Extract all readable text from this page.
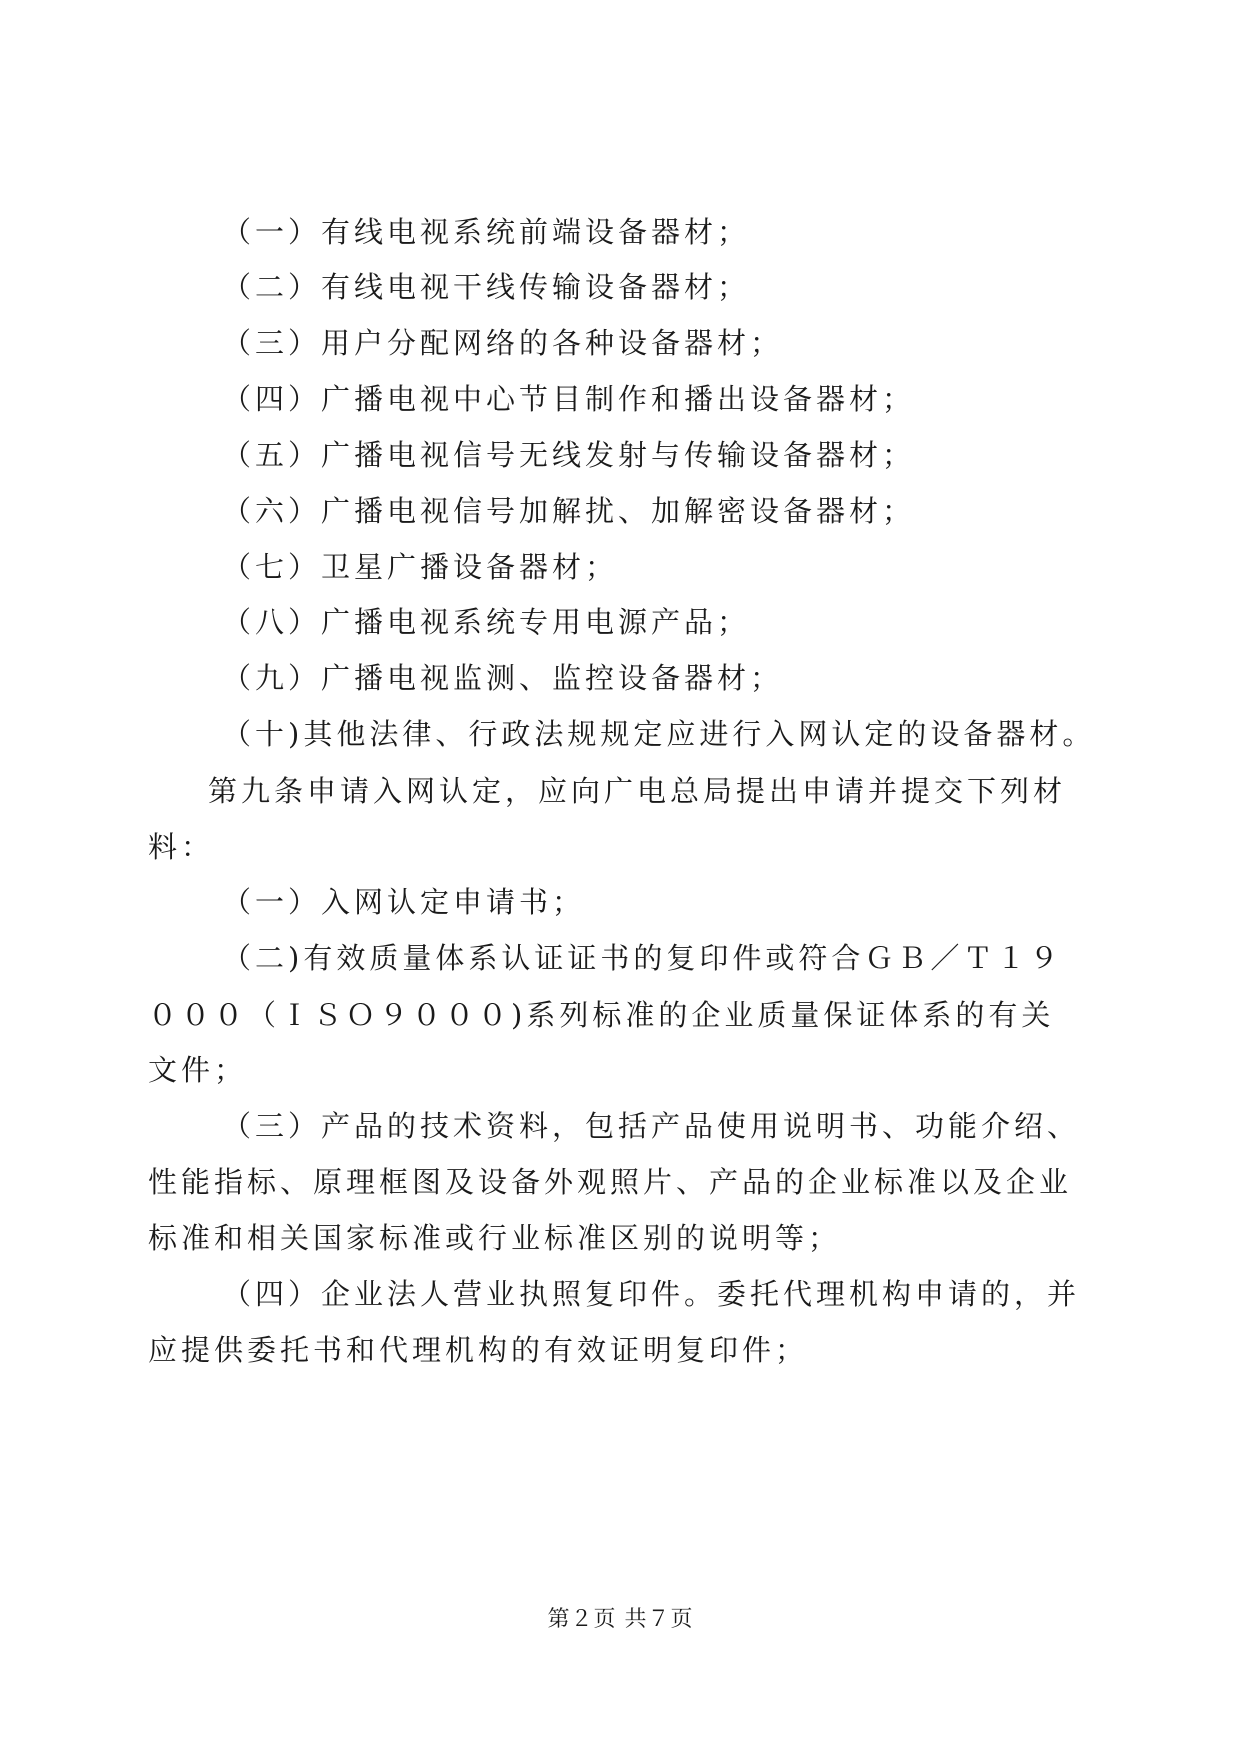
（一）有线电视系统前端设备器材；
（二）有线电视干线传输设备器材；
（三）用户分配网络的各种设备器材；
（四）广播电视中心节目制作和播出设备器材；
（五）广播电视信号无线发射与传输设备器材；
（六）广播电视信号加解扰、加解密设备器材；
（七）卫星广播设备器材；
（八）广播电视系统专用电源产品；
（九）广播电视监测、监控设备器材；
（十)其他法律、行政法规规定应进行入网认定的设备器材。
第九条申请入网认定，应向广电总局提出申请并提交下列材
料：
（一）入网认定申请书；
（二)有效质量体系认证证书的复印件或符合ＧＢ／Ｔ１９
０００（ＩＳＯ９０００)系列标准的企业质量保证体系的有关
文件；
（三）产品的技术资料，包括产品使用说明书、功能介绍、
性能指标、原理框图及设备外观照片、产品的企业标准以及企业
标准和相关国家标准或行业标准区别的说明等；
（四）企业法人营业执照复印件。委托代理机构申请的，并
应提供委托书和代理机构的有效证明复印件；
第２页 共７页
